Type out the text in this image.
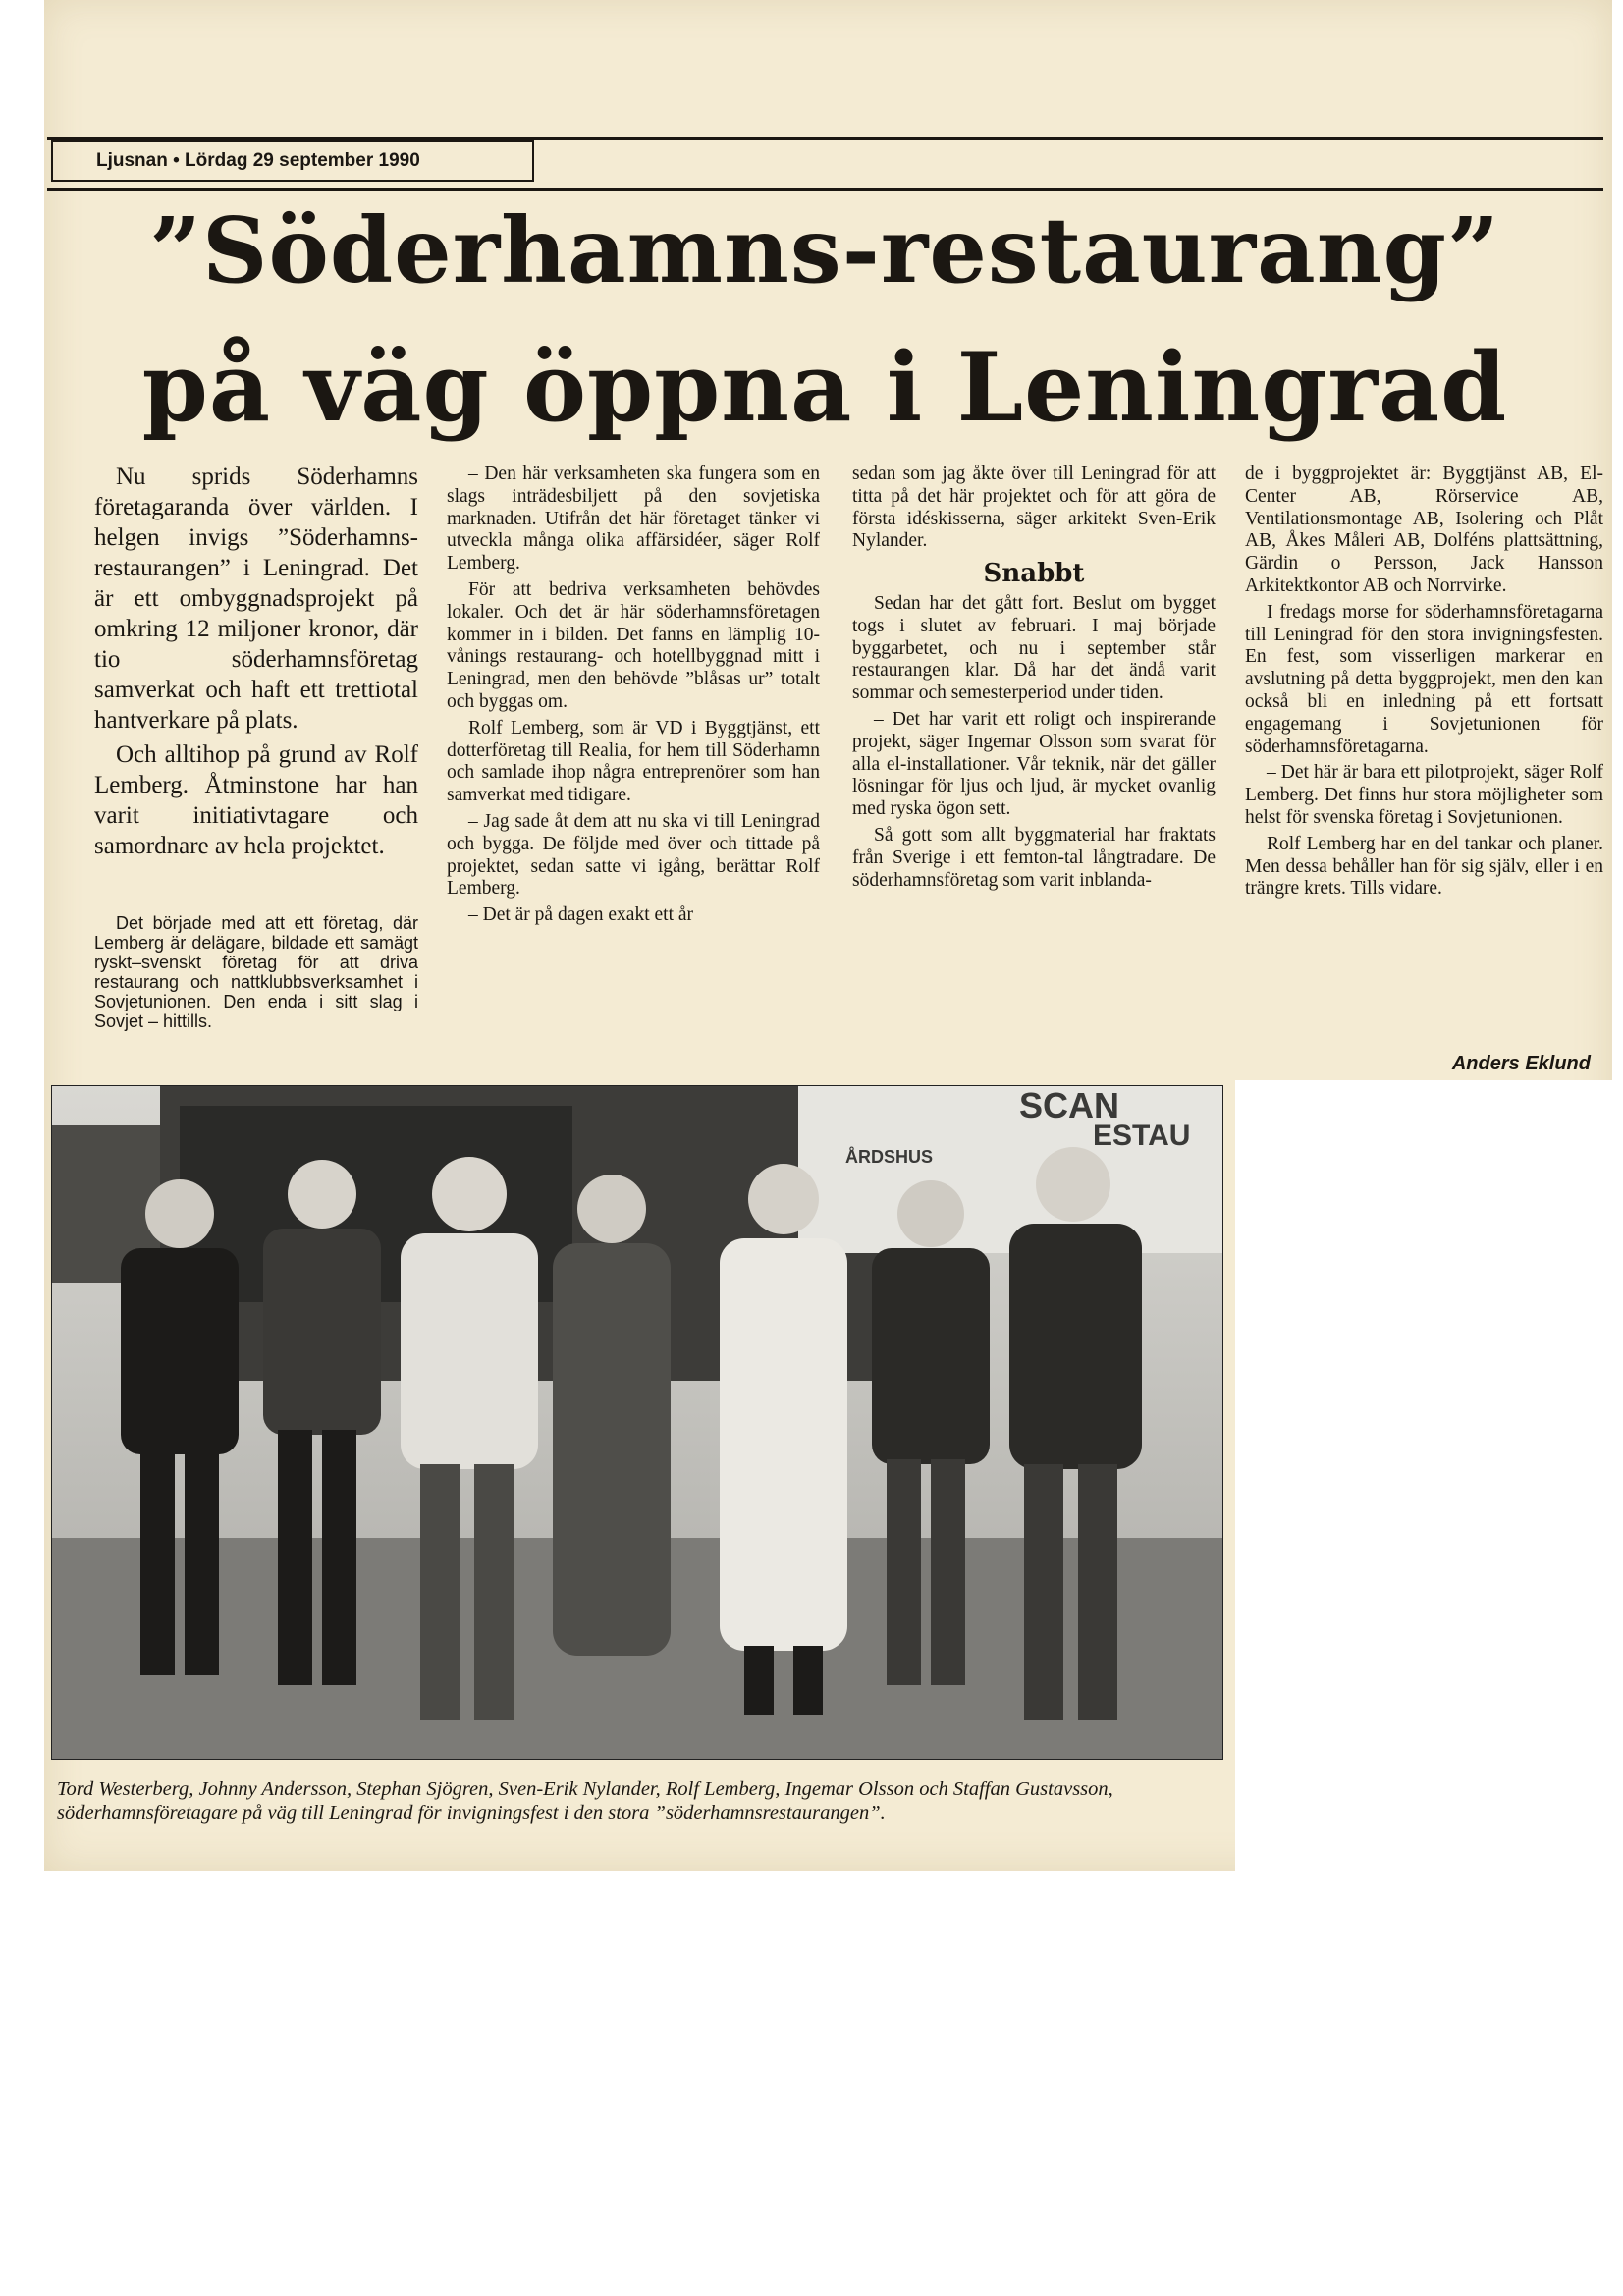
Ljusnan • Lördag 29 september 1990
”Söderhamns-restaurang”
på väg öppna i Leningrad

Nu sprids Söderhamns företagaranda över världen. I helgen invigs ”Söderhamns-restaurangen” i Leningrad. Det är ett ombyggnadsprojekt på omkring 12 miljoner kronor, där tio söderhamnsföretag samverkat och haft ett trettiotal hantverkare på plats.

Och alltihop på grund av Rolf Lemberg. Åtminstone har han varit initiativtagare och samordnare av hela projektet.

Det började med att ett företag, där Lemberg är delägare, bildade ett samägt ryskt–svenskt företag för att driva restaurang och nattklubbsverksamhet i Sovjetunionen. Den enda i sitt slag i Sovjet – hittills.

– Den här verksamheten ska fungera som en slags inträdesbiljett på den sovjetiska marknaden. Utifrån det här företaget tänker vi utveckla många olika affärsidéer, säger Rolf Lemberg.

För att bedriva verksamheten behövdes lokaler. Och det är här söderhamnsföretagen kommer in i bilden. Det fanns en lämplig 10-vånings restaurang- och hotellbyggnad mitt i Leningrad, men den behövde ”blåsas ur” totalt och byggas om.

Rolf Lemberg, som är VD i Byggtjänst, ett dotterföretag till Realia, for hem till Söderhamn och samlade ihop några entreprenörer som han samverkat med tidigare.

– Jag sade åt dem att nu ska vi till Leningrad och bygga. De följde med över och tittade på projektet, sedan satte vi igång, berättar Rolf Lemberg.

– Det är på dagen exakt ett år

sedan som jag åkte över till Leningrad för att titta på det här projektet och för att göra de första idéskisserna, säger arkitekt Sven-Erik Nylander.

Snabbt

Sedan har det gått fort. Beslut om bygget togs i slutet av februari. I maj började byggarbetet, och nu i september står restaurangen klar. Då har det ändå varit sommar och semesterperiod under tiden.

– Det har varit ett roligt och inspirerande projekt, säger Ingemar Olsson som svarat för alla el-installationer. Vår teknik, när det gäller lösningar för ljus och ljud, är mycket ovanlig med ryska ögon sett.

Så gott som allt byggmaterial har fraktats från Sverige i ett femton-tal långtradare. De söderhamnsföretag som varit inblanda-

de i byggprojektet är: Byggtjänst AB, El-Center AB, Rörservice AB, Ventilationsmontage AB, Isolering och Plåt AB, Åkes Måleri AB, Dolféns plattsättning, Gärdin o Persson, Jack Hansson Arkitektkontor AB och Norrvirke.

I fredags morse for söderhamnsföretagarna till Leningrad för den stora invigningsfesten. En fest, som visserligen markerar en avslutning på detta byggprojekt, men den kan också bli en inledning på ett fortsatt engagemang i Sovjetunionen för söderhamnsföretagarna.

– Det här är bara ett pilotprojekt, säger Rolf Lemberg. Det finns hur stora möjligheter som helst för svenska företag i Sovjetunionen.

Rolf Lemberg har en del tankar och planer. Men dessa behåller han för sig själv, eller i en trängre krets. Tills vidare.

Anders Eklund
SCAN
ESTAU
ÅRDSHUS
Tord Westerberg, Johnny Andersson, Stephan Sjögren, Sven-Erik Nylander, Rolf Lemberg, Ingemar Olsson och Staffan Gustavsson, söderhamnsföretagare på väg till Leningrad för invigningsfest i den stora ”söderhamnsrestaurangen”.
